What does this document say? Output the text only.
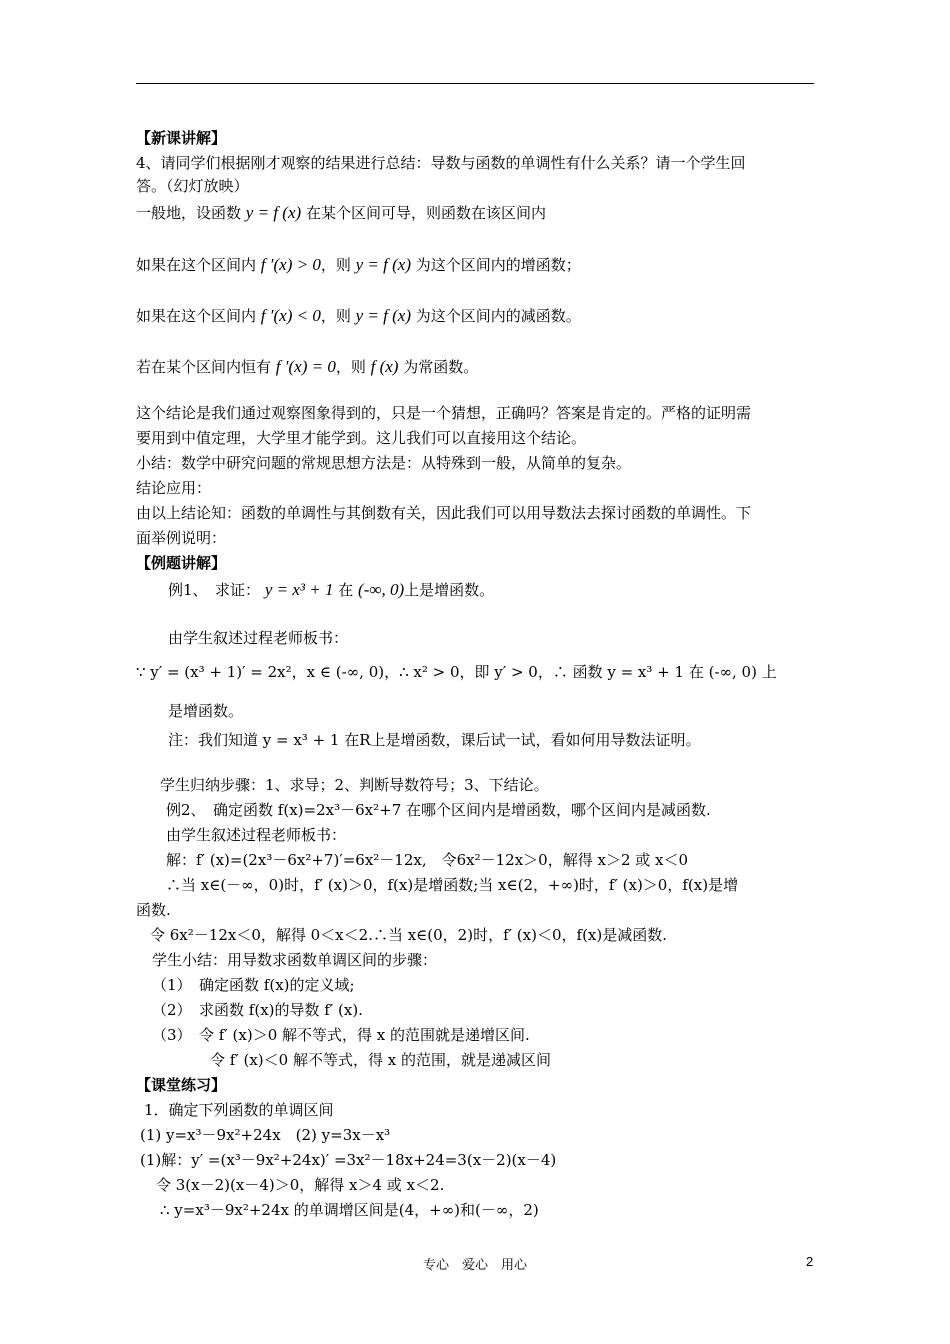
【新课讲解】
4、请同学们根据刚才观察的结果进行总结：导数与函数的单调性有什么关系？请一个学生回
答。（幻灯放映）
一般地，设函数 y = f (x) 在某个区间可导，则函数在该区间内
如果在这个区间内 f ′(x) > 0，则 y = f (x) 为这个区间内的增函数；
如果在这个区间内 f ′(x) < 0，则 y = f (x) 为这个区间内的减函数。
若在某个区间内恒有 f ′(x) = 0，则 f (x) 为常函数。
这个结论是我们通过观察图象得到的，只是一个猜想，正确吗？答案是肯定的。严格的证明需
要用到中值定理，大学里才能学到。这儿我们可以直接用这个结论。
小结：数学中研究问题的常规思想方法是：从特殊到一般，从简单的复杂。
结论应用：
由以上结论知：函数的单调性与其倒数有关，因此我们可以用导数法去探讨函数的单调性。下
面举例说明：
【例题讲解】
例1、　求证： y = x³ + 1 在 (-∞, 0)上是增函数。
由学生叙述过程老师板书：
∵ y′ = (x³ + 1)′ = 2x²，x ∈ (-∞, 0)，∴ x² > 0，即 y′ > 0，∴ 函数 y = x³ + 1 在 (-∞, 0) 上
是增函数。
注：我们知道 y = x³ + 1 在R上是增函数，课后试一试，看如何用导数法证明。
学生归纳步骤：1、求导；2、判断导数符号；3、下结论。
例2、　确定函数 f(x)=2x³－6x²+7 在哪个区间内是增函数，哪个区间内是减函数.
由学生叙述过程老师板书：
解：f′ (x)=(2x³－6x²+7)′=6x²－12x,　令6x²－12x＞0，解得 x＞2 或 x＜0
∴当 x∈(－∞，0)时，f′ (x)＞0，f(x)是增函数;当 x∈(2，+∞)时，f′ (x)＞0，f(x)是增
函数.
令 6x²－12x＜0，解得 0＜x＜2.∴当 x∈(0，2)时，f′ (x)＜0，f(x)是减函数.
学生小结：用导数求函数单调区间的步骤：
（1）　确定函数 f(x)的定义域;
（2）　求函数 f(x)的导数 f′ (x).
（3）　令 f′ (x)＞0 解不等式，得 x 的范围就是递增区间.
令 f′ (x)＜0 解不等式，得 x 的范围，就是递减区间
【课堂练习】
1．确定下列函数的单调区间
(1) y=x³－9x²+24x　(2) y=3x－x³
(1)解：y′ =(x³－9x²+24x)′ =3x²－18x+24=3(x－2)(x－4)
令 3(x－2)(x－4)＞0，解得 x＞4 或 x＜2.
∴ y=x³－9x²+24x 的单调增区间是(4，+∞)和(－∞，2)
专心　爱心　用心	2
